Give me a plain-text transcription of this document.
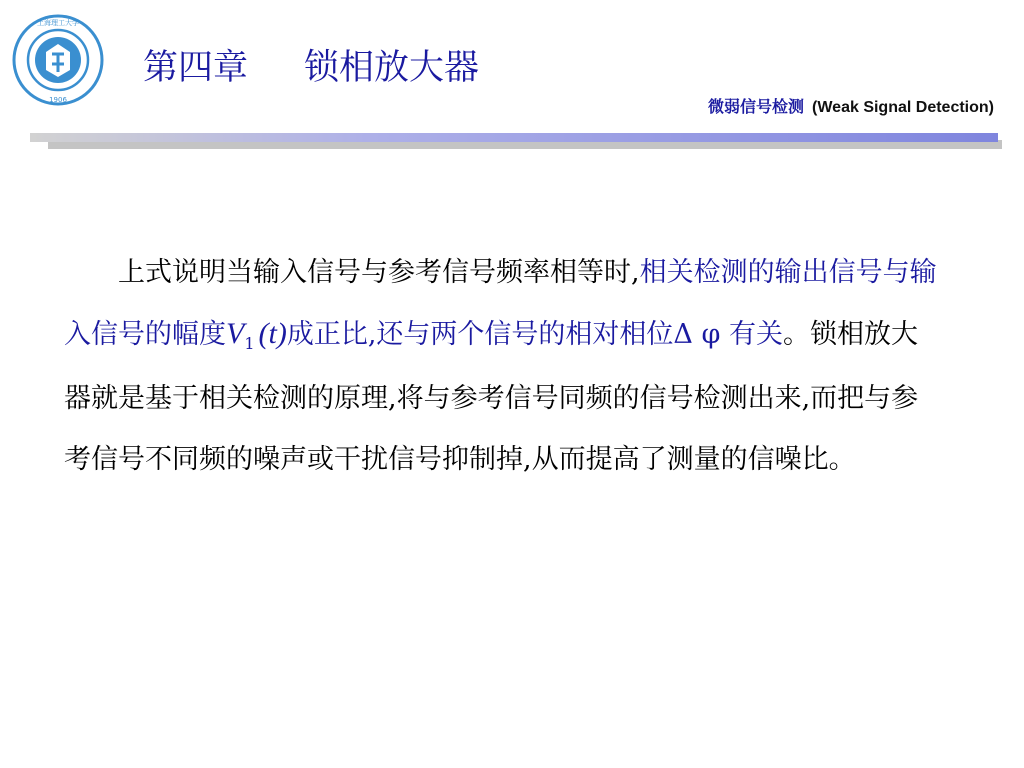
上海理工大学
1906
第四章 锁相放大器
微弱信号检测 (Weak Signal Detection)
上式说明当输入信号与参考信号频率相等时,相关检测的输出信号与输入信号的幅度$V_1$ (t)成正比,还与两个信号的相对相位Δ φ 有关。锁相放大器就是基于相关检测的原理,将与参考信号同频的信号检测出来,而把与参考信号不同频的噪声或干扰信号抑制掉,从而提高了测量的信噪比。
